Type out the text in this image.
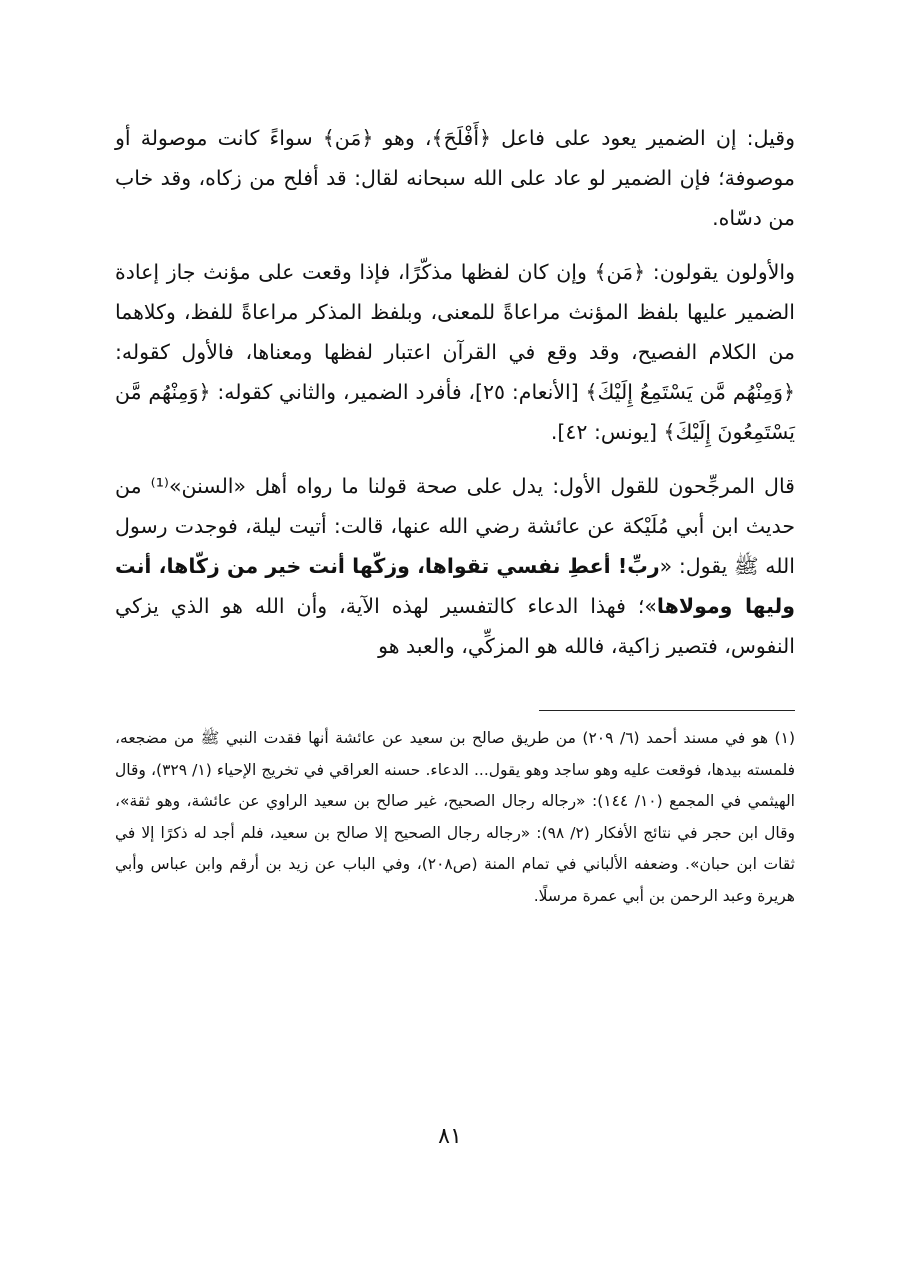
وقيل: إن الضمير يعود على فاعل ﴿أَفْلَحَ﴾، وهو ﴿مَن﴾ سواءً كانت موصولة أو موصوفة؛ فإن الضمير لو عاد على الله سبحانه لقال: قد أفلح من زكاه، وقد خاب من دسّاه.

والأولون يقولون: ﴿مَن﴾ وإن كان لفظها مذكّرًا، فإذا وقعت على مؤنث جاز إعادة الضمير عليها بلفظ المؤنث مراعاةً للمعنى، وبلفظ المذكر مراعاةً للفظ، وكلاهما من الكلام الفصيح، وقد وقع في القرآن اعتبار لفظها ومعناها، فالأول كقوله: ﴿وَمِنْهُم مَّن يَسْتَمِعُ إِلَيْكَ﴾ [الأنعام: ٢٥]، فأفرد الضمير، والثاني كقوله: ﴿وَمِنْهُم مَّن يَسْتَمِعُونَ إِلَيْكَ﴾ [يونس: ٤٢].

قال المرجِّحون للقول الأول: يدل على صحة قولنا ما رواه أهل «السنن»⁽¹⁾ من حديث ابن أبي مُلَيْكة عن عائشة رضي الله عنها، قالت: أتيت ليلة، فوجدت رسول الله ﷺ يقول: «ربِّ! أعطِ نفسي تقواها، وزكّها أنت خير من زكّاها، أنت وليها ومولاها»؛ فهذا الدعاء كالتفسير لهذه الآية، وأن الله هو الذي يزكي النفوس، فتصير زاكية، فالله هو المزكِّي، والعبد هو

(١) هو في مسند أحمد (٦/ ٢٠٩) من طريق صالح بن سعيد عن عائشة أنها فقدت النبي ﷺ من مضجعه، فلمسته بيدها، فوقعت عليه وهو ساجد وهو يقول... الدعاء. حسنه العراقي في تخريج الإحياء (١/ ٣٢٩)، وقال الهيثمي في المجمع (١٠/ ١٤٤): «رجاله رجال الصحيح، غير صالح بن سعيد الراوي عن عائشة، وهو ثقة»، وقال ابن حجر في نتائج الأفكار (٢/ ٩٨): «رجاله رجال الصحيح إلا صالح بن سعيد، فلم أجد له ذكرًا إلا في ثقات ابن حبان». وضعفه الألباني في تمام المنة (ص٢٠٨)، وفي الباب عن زيد بن أرقم وابن عباس وأبي هريرة وعبد الرحمن بن أبي عمرة مرسلًا.

٨١
